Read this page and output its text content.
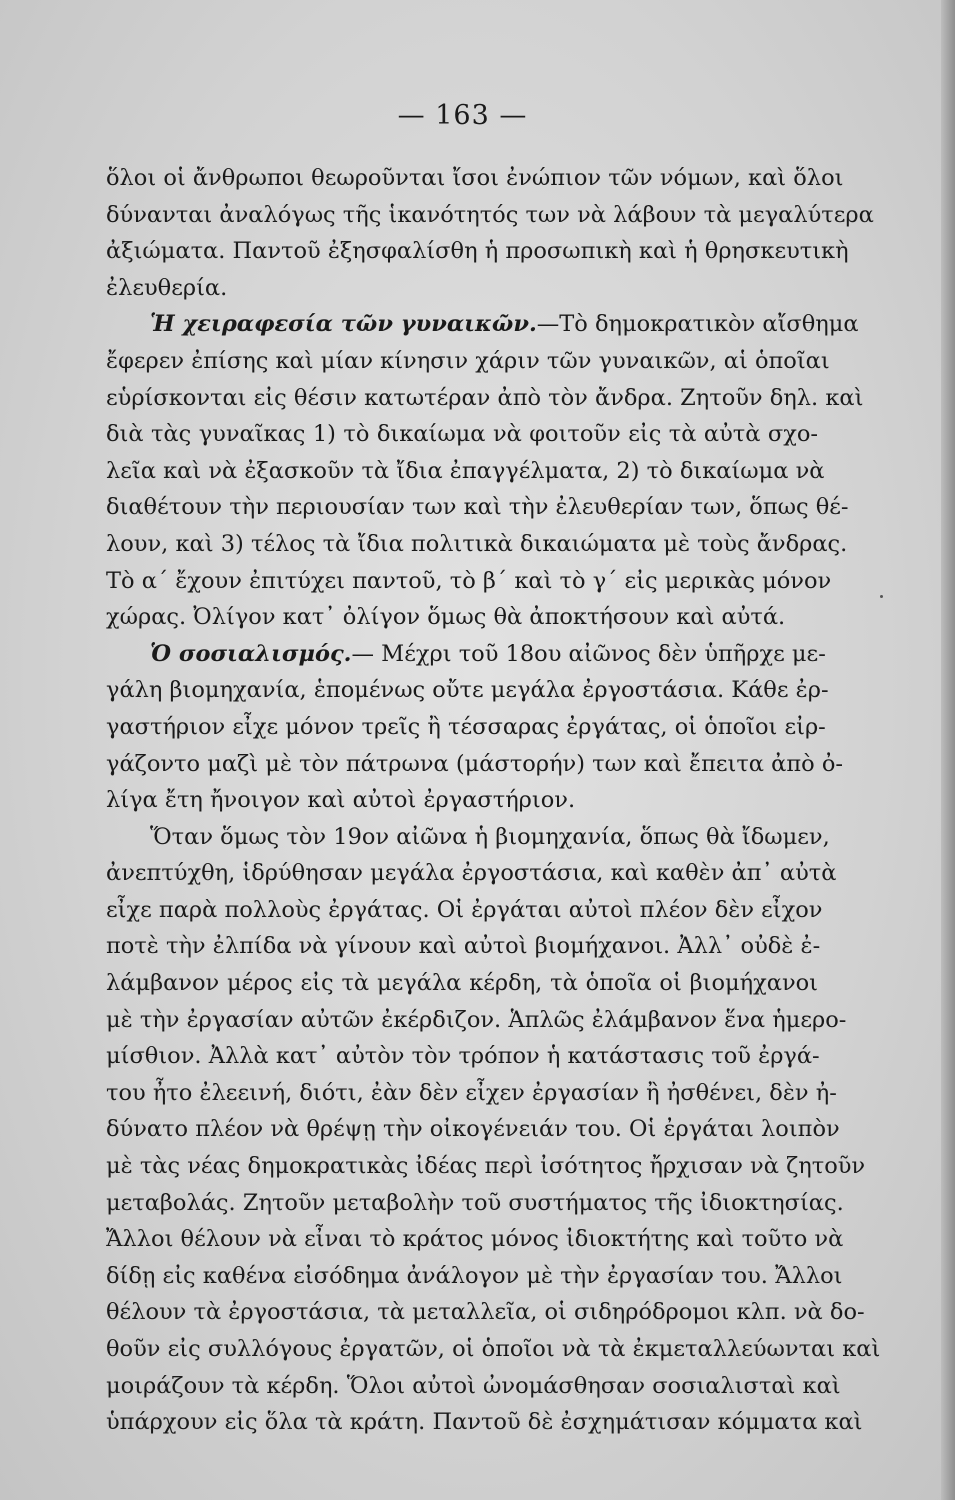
— 163 —
ὅλοι οἱ ἄνθρωποι θεωροῦνται ἴσοι ἐνώπιον τῶν νόμων, καὶ ὅλοι
δύνανται ἀναλόγως τῆς ἱκανότητός των νὰ λάβουν τὰ μεγαλύτερα
ἀξιώματα. Παντοῦ ἐξησφαλίσθη ἡ προσωπικὴ καὶ ἡ θρησκευτικὴ
ἐλευθερία.
Ἡ χειραφεσία τῶν γυναικῶν.—Τὸ δημοκρατικὸν αἴσθημα
ἔφερεν ἐπίσης καὶ μίαν κίνησιν χάριν τῶν γυναικῶν, αἱ ὁποῖαι
εὑρίσκονται εἰς θέσιν κατωτέραν ἀπὸ τὸν ἄνδρα. Ζητοῦν δηλ. καὶ
διὰ τὰς γυναῖκας 1) τὸ δικαίωμα νὰ φοιτοῦν εἰς τὰ αὐτὰ σχο-
λεῖα καὶ νὰ ἐξασκοῦν τὰ ἴδια ἐπαγγέλματα, 2) τὸ δικαίωμα νὰ
διαθέτουν τὴν περιουσίαν των καὶ τὴν ἐλευθερίαν των, ὅπως θέ-
λουν, καὶ 3) τέλος τὰ ἴδια πολιτικὰ δικαιώματα μὲ τοὺς ἄνδρας.
Τὸ α΄ ἔχουν ἐπιτύχει παντοῦ, τὸ β΄ καὶ τὸ γ΄ εἰς μερικὰς μόνον
χώρας. Ὀλίγον κατ᾿ ὀλίγον ὅμως θὰ ἀποκτήσουν καὶ αὐτά.
Ὁ σοσιαλισμός.— Μέχρι τοῦ 18ου αἰῶνος δὲν ὑπῆρχε με-
γάλη βιομηχανία, ἑπομένως οὔτε μεγάλα ἐργοστάσια. Κάθε ἐρ-
γαστήριον εἶχε μόνον τρεῖς ἢ τέσσαρας ἐργάτας, οἱ ὁποῖοι εἰρ-
γάζοντο μαζὶ μὲ τὸν πάτρωνα (μάστορήν) των καὶ ἔπειτα ἀπὸ ὀ-
λίγα ἔτη ἤνοιγον καὶ αὐτοὶ ἐργαστήριον.
Ὅταν ὅμως τὸν 19ον αἰῶνα ἡ βιομηχανία, ὅπως θὰ ἴδωμεν,
ἀνεπτύχθη, ἱδρύθησαν μεγάλα ἐργοστάσια, καὶ καθὲν ἀπ᾿ αὐτὰ
εἶχε παρὰ πολλοὺς ἐργάτας. Οἱ ἐργάται αὐτοὶ πλέον δὲν εἶχον
ποτὲ τὴν ἐλπίδα νὰ γίνουν καὶ αὐτοὶ βιομήχανοι. Ἀλλ᾿ οὐδὲ ἐ-
λάμβανον μέρος εἰς τὰ μεγάλα κέρδη, τὰ ὁποῖα οἱ βιομήχανοι
μὲ τὴν ἐργασίαν αὐτῶν ἐκέρδιζον. Ἁπλῶς ἐλάμβανον ἕνα ἡμερο-
μίσθιον. Ἀλλὰ κατ᾿ αὐτὸν τὸν τρόπον ἡ κατάστασις τοῦ ἐργά-
του ἦτο ἐλεεινή, διότι, ἐὰν δὲν εἶχεν ἐργασίαν ἢ ἠσθένει, δὲν ἠ-
δύνατο πλέον νὰ θρέψῃ τὴν οἰκογένειάν του. Οἱ ἐργάται λοιπὸν
μὲ τὰς νέας δημοκρατικὰς ἰδέας περὶ ἰσότητος ἤρχισαν νὰ ζητοῦν
μεταβολάς. Ζητοῦν μεταβολὴν τοῦ συστήματος τῆς ἰδιοκτησίας.
Ἄλλοι θέλουν νὰ εἶναι τὸ κράτος μόνος ἰδιοκτήτης καὶ τοῦτο νὰ
δίδῃ εἰς καθένα εἰσόδημα ἀνάλογον μὲ τὴν ἐργασίαν του. Ἄλλοι
θέλουν τὰ ἐργοστάσια, τὰ μεταλλεῖα, οἱ σιδηρόδρομοι κλπ. νὰ δο-
θοῦν εἰς συλλόγους ἐργατῶν, οἱ ὁποῖοι νὰ τὰ ἐκμεταλλεύωνται καὶ
μοιράζουν τὰ κέρδη. Ὅλοι αὐτοὶ ὠνομάσθησαν σοσιαλισταὶ καὶ
ὑπάρχουν εἰς ὅλα τὰ κράτη. Παντοῦ δὲ ἐσχημάτισαν κόμματα καὶ
